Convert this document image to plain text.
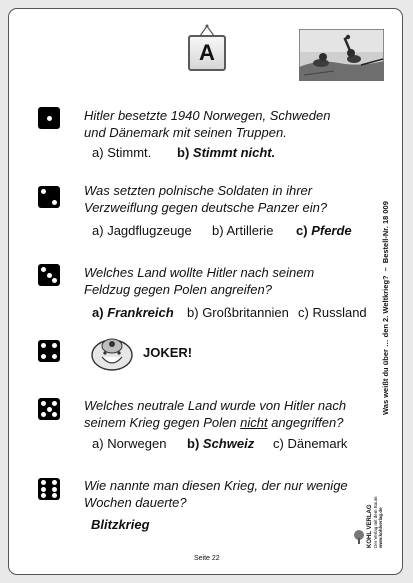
A
Hitler besetzte 1940 Norwegen, Schweden und Dänemark mit seinen Truppen.
a) Stimmt. b) Stimmt nicht.
Was setzten polnische Soldaten in ihrer Verzweiflung gegen deutsche Panzer ein?
a) Jagdflugzeuge b) Artillerie c) Pferde
Welches Land wollte Hitler nach seinem Feldzug gegen Polen angreifen?
a) Frankreich b) Großbritannien c) Russland
JOKER!
Welches neutrale Land wurde von Hitler nach seinem Krieg gegen Polen nicht angegriffen?
a) Norwegen b) Schweiz c) Dänemark
Wie nannte man diesen Krieg, der nur wenige Wochen dauerte?
Blitzkrieg
Seite 22
Was weißt du über … den 2. Weltkrieg?–Bestell-Nr. 18 009
KOHL VERLAG Der Verlag mit dem Baum www.kohlverlag.de
